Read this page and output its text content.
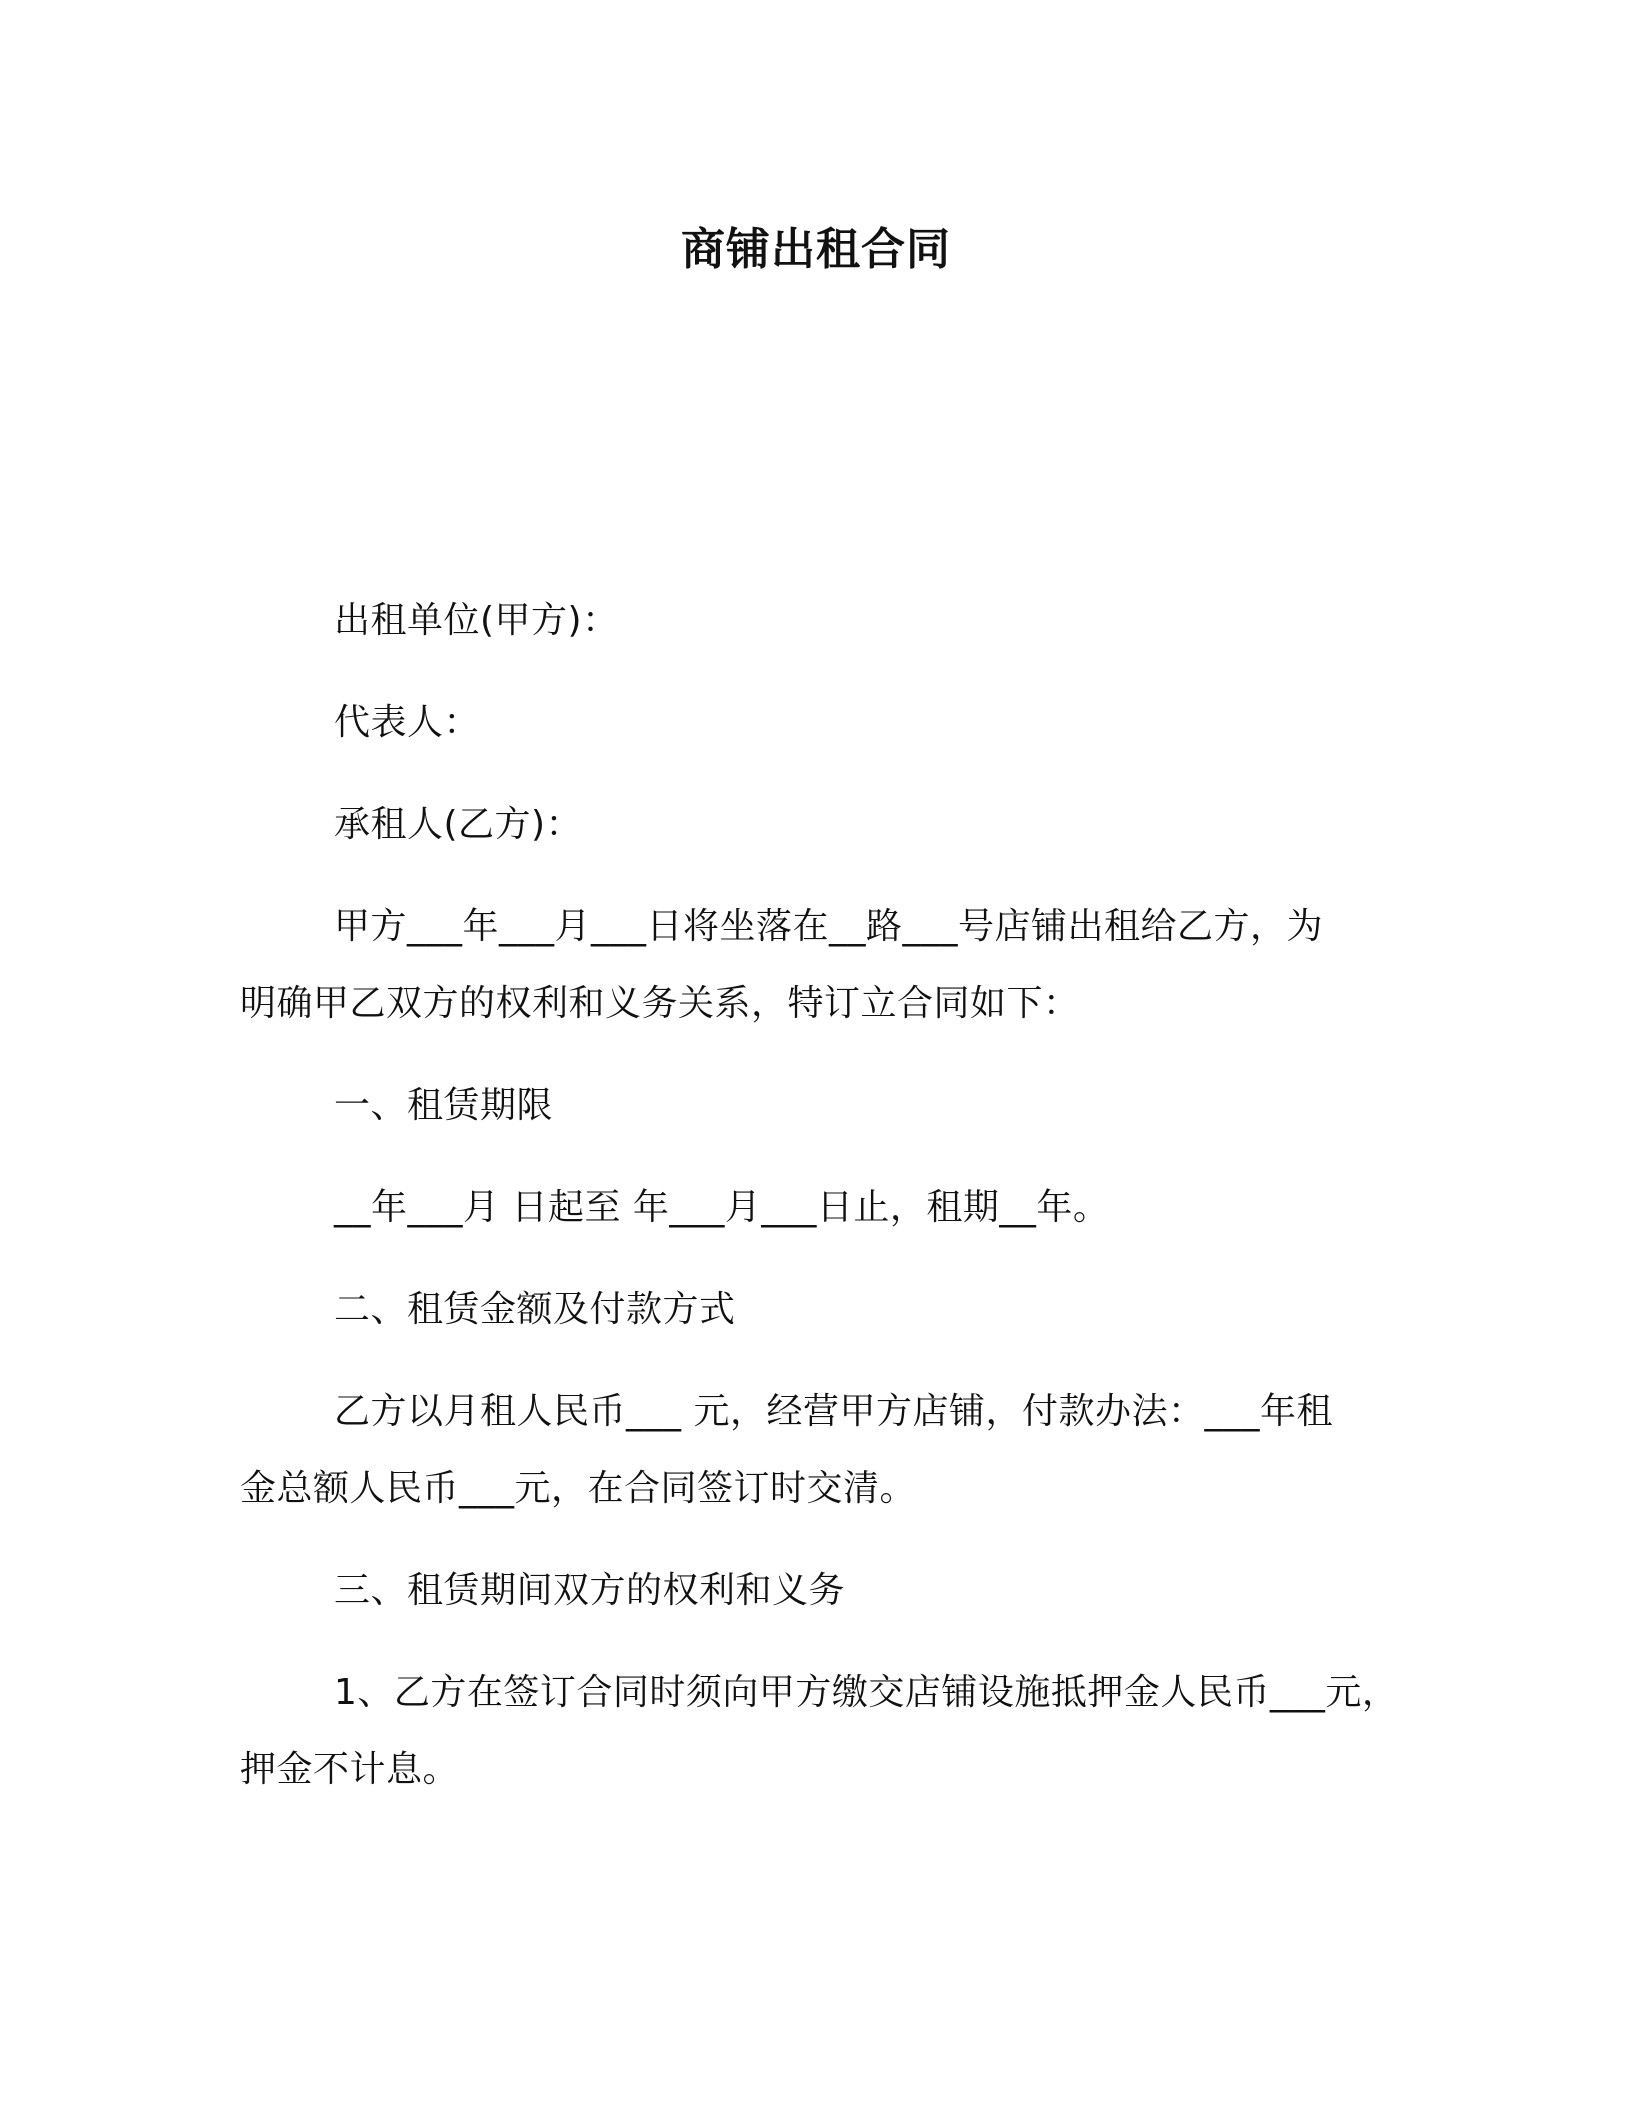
商铺出租合同
出租单位(甲方)：
代表人：
承租人(乙方)：
甲方___年___月___日将坐落在__路___号店铺出租给乙方，为
明确甲乙双方的权利和义务关系，特订立合同如下：
一、租赁期限
__年___月 日起至 年___月___日止，租期__年。
二、租赁金额及付款方式
乙方以月租人民币___ 元，经营甲方店铺，付款办法：___年租
金总额人民币___元，在合同签订时交清。
三、租赁期间双方的权利和义务
1、乙方在签订合同时须向甲方缴交店铺设施抵押金人民币___元，
押金不计息。
